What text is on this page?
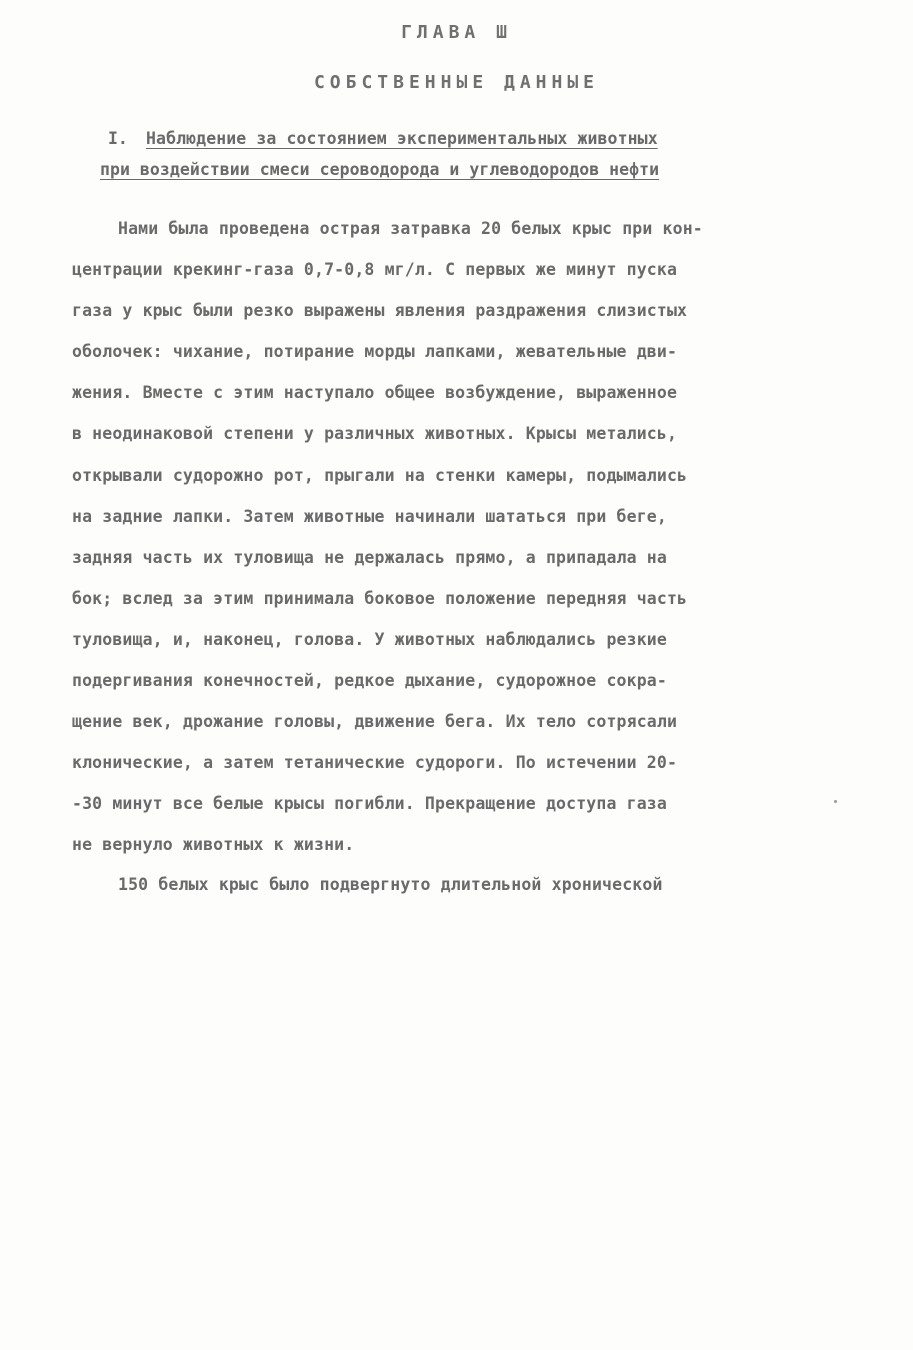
ГЛАВА Ш
СОБСТВЕННЫЕ ДАННЫЕ
I. Наблюдение за состоянием экспериментальных животных
при воздействии смеси сероводорода и углеводородов нефти
Нами была проведена острая затравка 20 белых крыс при кон-
центрации крекинг-газа 0,7-0,8 мг/л. С первых же минут пуска
газа у крыс были резко выражены явления раздражения слизистых
оболочек: чихание, потирание морды лапками, жевательные дви-
жения. Вместе с этим наступало общее возбуждение, выраженное
в неодинаковой степени у различных животных. Крысы метались,
открывали судорожно рот, прыгали на стенки камеры, подымались
на задние лапки. Затем животные начинали шататься при беге,
задняя часть их туловища не держалась прямо, а припадала на
бок; вслед за этим принимала боковое положение передняя часть
туловища, и, наконец, голова. У животных наблюдались резкие
подергивания конечностей, редкое дыхание, судорожное сокра-
щение век, дрожание головы, движение бега. Их тело сотрясали
клонические, а затем тетанические судороги. По истечении 20-
-30 минут все белые крысы погибли. Прекращение доступа газа
не вернуло животных к жизни.
150 белых крыс было подвергнуто длительной хронической
